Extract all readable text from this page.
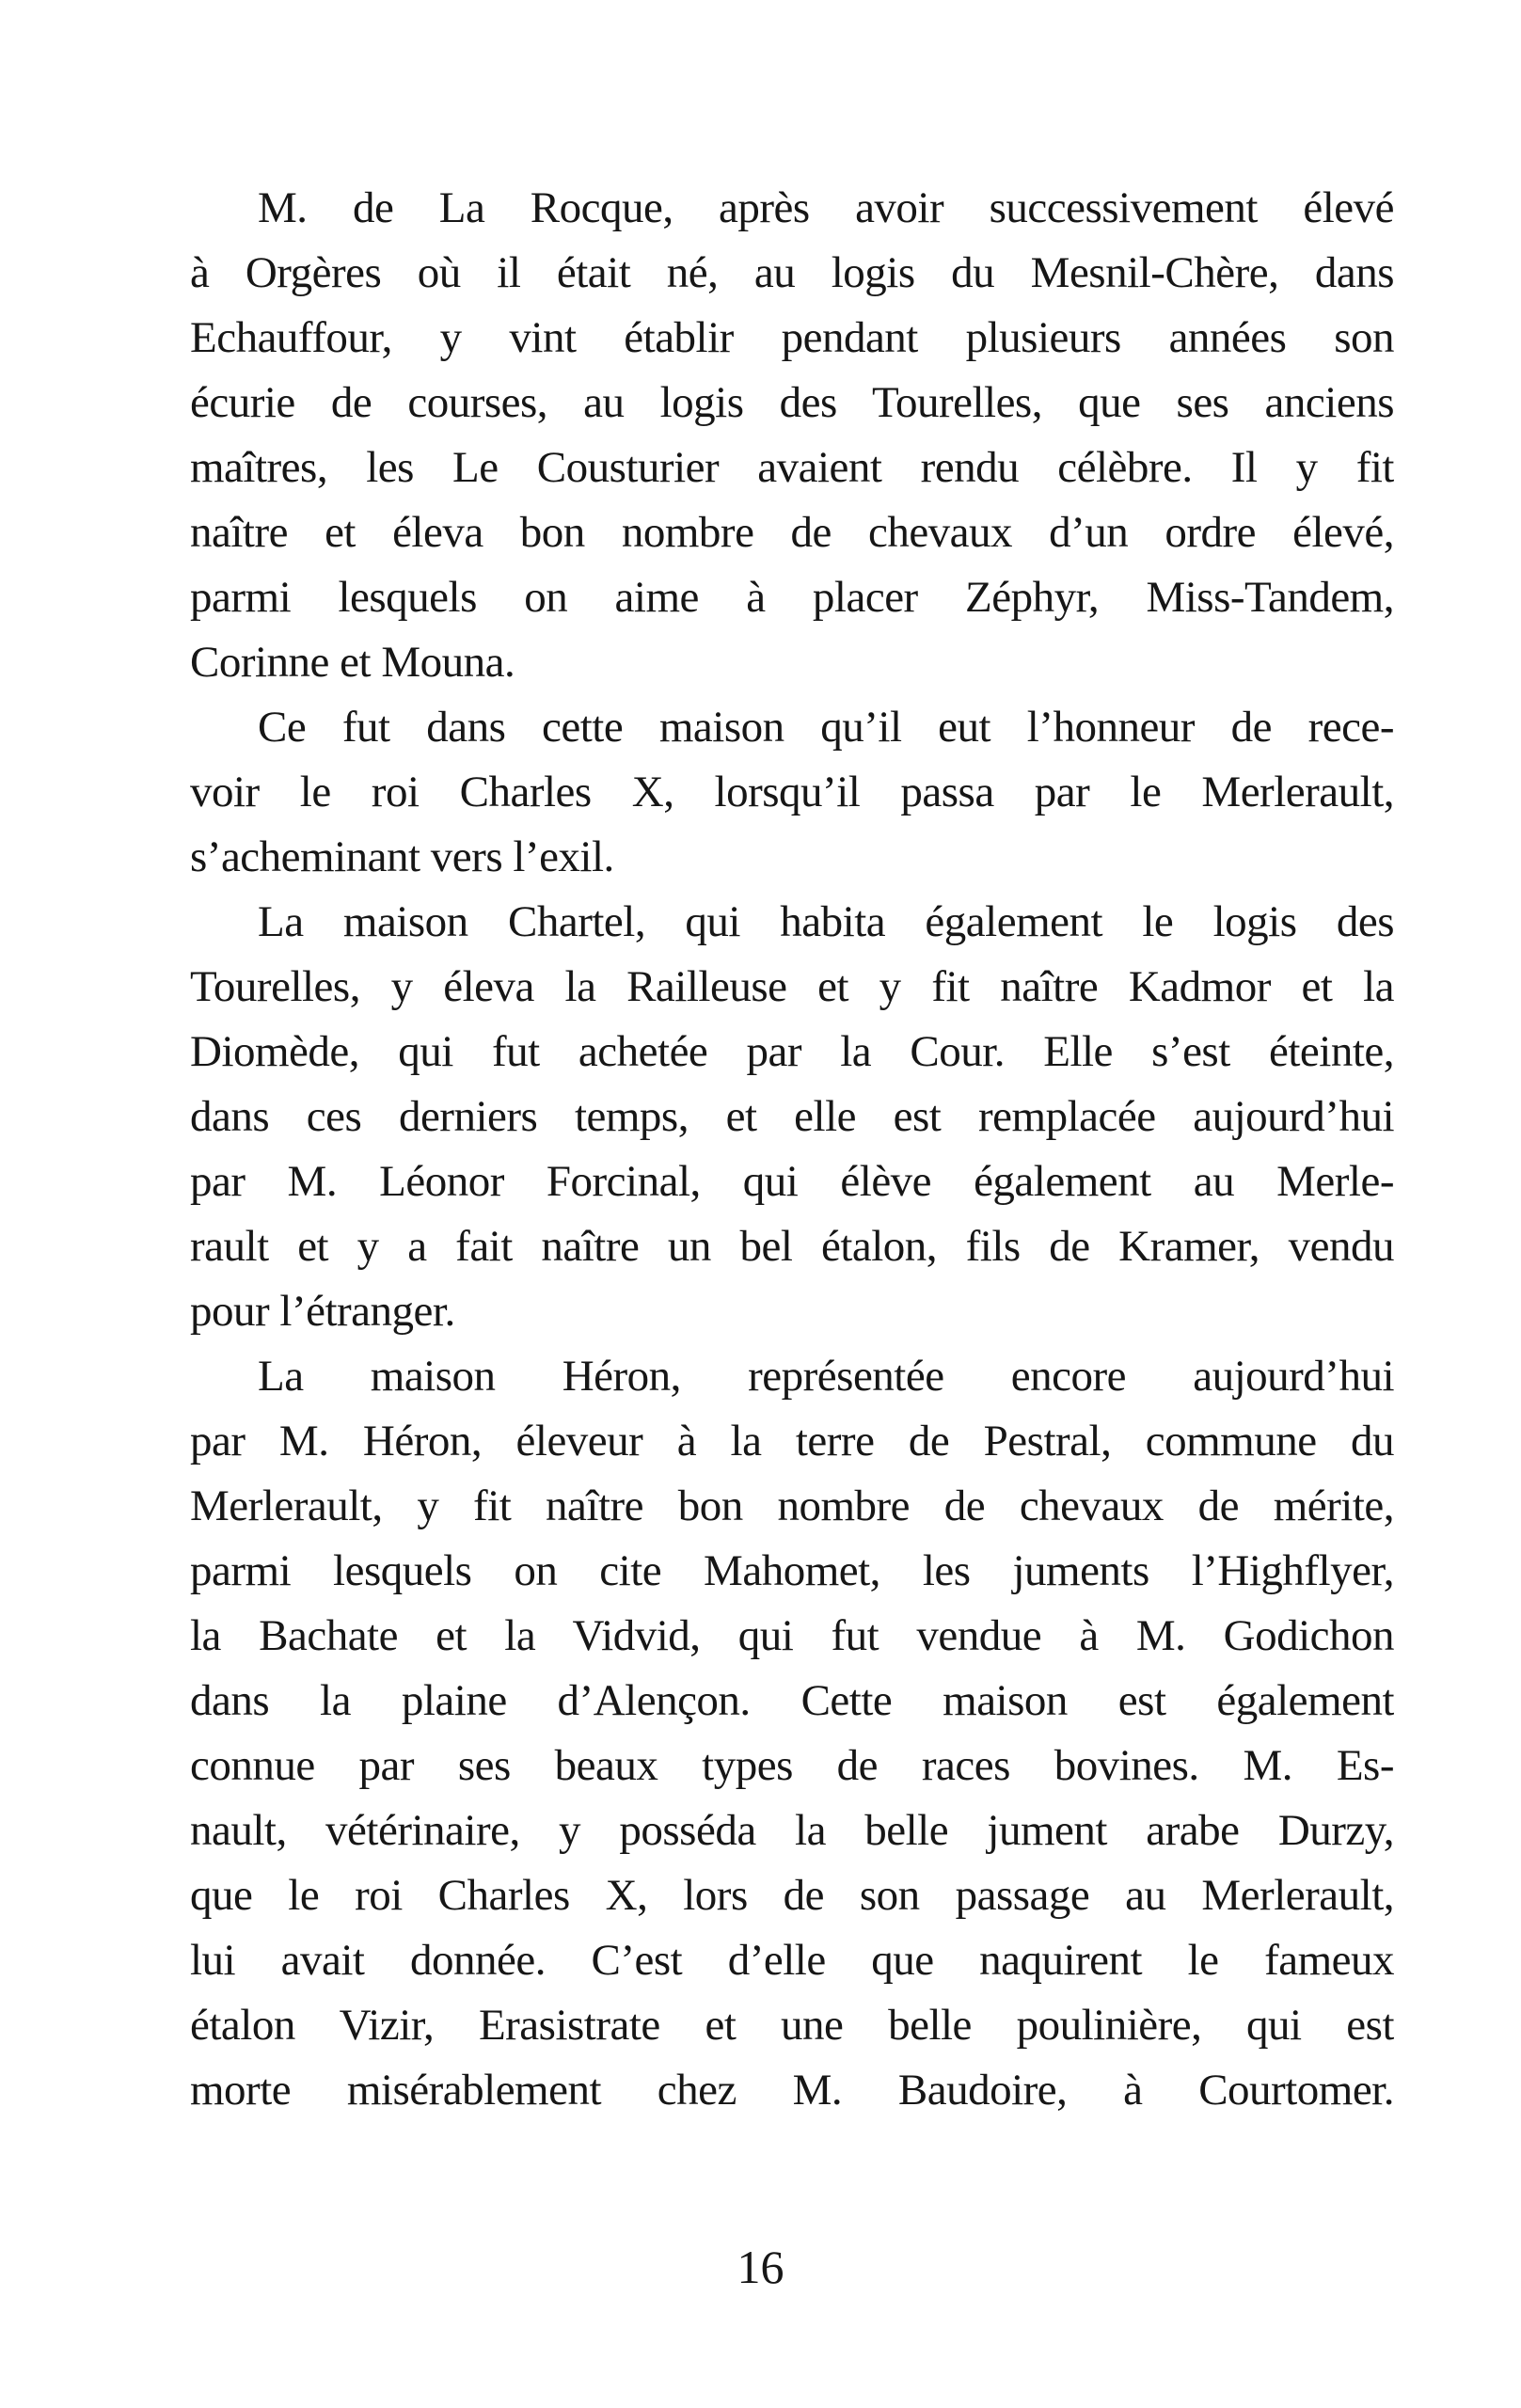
M. de La Rocque, après avoir successivement élevé
à Orgères où il était né, au logis du Mesnil-Chère, dans
Echauffour, y vint établir pendant plusieurs années son
écurie de courses, au logis des Tourelles, que ses anciens
maîtres, les Le Cousturier avaient rendu célèbre. Il y fit
naître et éleva bon nombre de chevaux d’un ordre élevé,
parmi lesquels on aime à placer Zéphyr, Miss-Tandem,
Corinne et Mouna.
Ce fut dans cette maison qu’il eut l’honneur de rece-
voir le roi Charles X, lorsqu’il passa par le Merlerault,
s’acheminant vers l’exil.
La maison Chartel, qui habita également le logis des
Tourelles, y éleva la Railleuse et y fit naître Kadmor et la
Diomède, qui fut achetée par la Cour. Elle s’est éteinte,
dans ces derniers temps, et elle est remplacée aujourd’hui
par M. Léonor Forcinal, qui élève également au Merle-
rault et y a fait naître un bel étalon, fils de Kramer, vendu
pour l’étranger.
La maison Héron, représentée encore aujourd’hui
par M. Héron, éleveur à la terre de Pestral, commune du
Merlerault, y fit naître bon nombre de chevaux de mérite,
parmi lesquels on cite Mahomet, les juments l’Highflyer,
la Bachate et la Vidvid, qui fut vendue à M. Godichon
dans la plaine d’Alençon. Cette maison est également
connue par ses beaux types de races bovines. M. Es-
nault, vétérinaire, y posséda la belle jument arabe Durzy,
que le roi Charles X, lors de son passage au Merlerault,
lui avait donnée. C’est d’elle que naquirent le fameux
étalon Vizir, Erasistrate et une belle poulinière, qui est
morte misérablement chez M. Baudoire, à Courtomer.
16
